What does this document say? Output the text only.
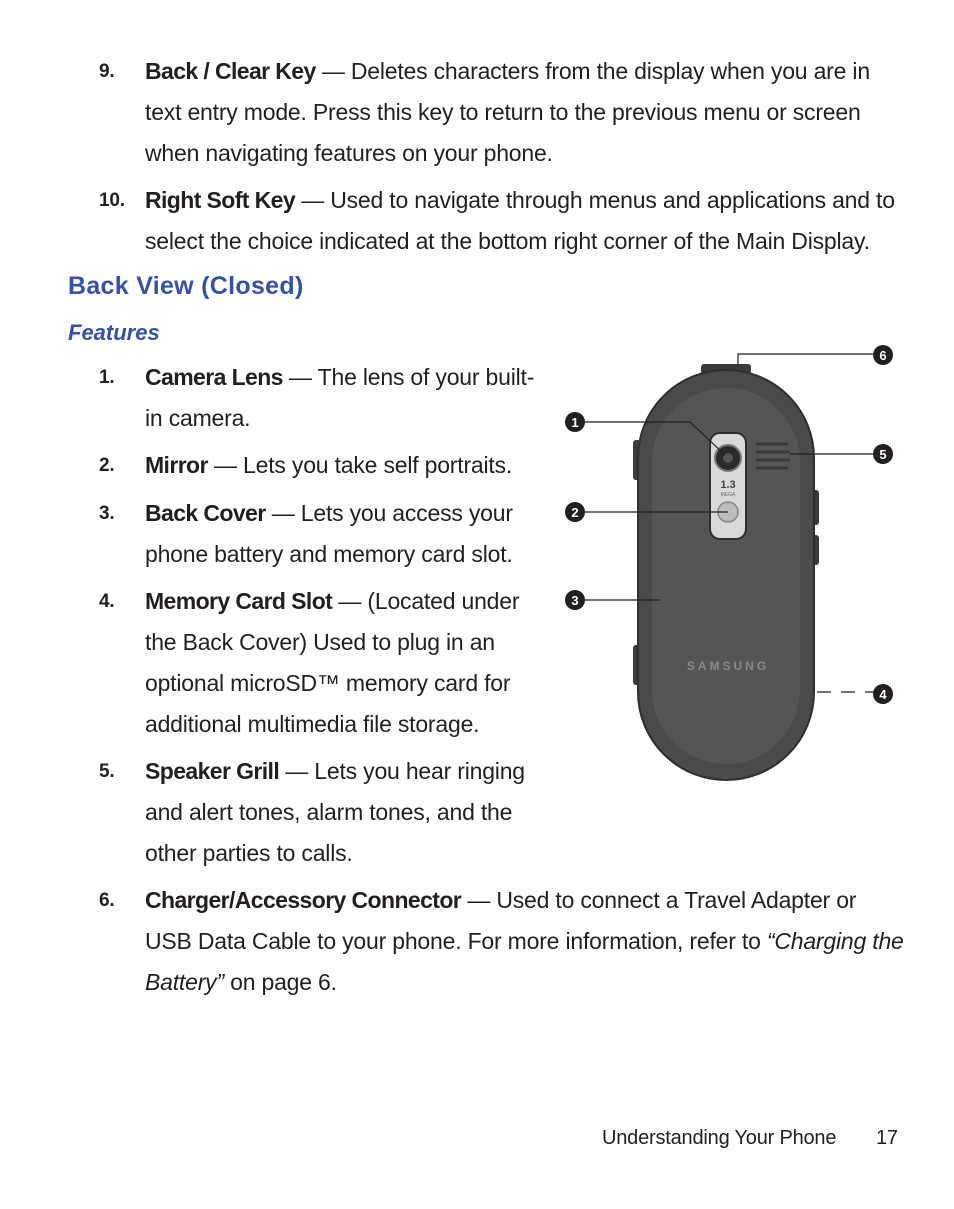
9.	Back / Clear Key — Deletes characters from the display when you are in text entry mode. Press this key to return to the previous menu or screen when navigating features on your phone.
10. Right Soft Key — Used to navigate through menus and applications and to select the choice indicated at the bottom right corner of the Main Display.
Back View (Closed)
Features
1.	Camera Lens — The lens of your built-in camera.
2.	Mirror — Lets you take self portraits.
3.	Back Cover — Lets you access your phone battery and memory card slot.
4.	Memory Card Slot — (Located under the Back Cover) Used to plug in an optional microSD™ memory card for additional multimedia file storage.
5.	Speaker Grill — Lets you hear ringing and alert tones, alarm tones, and the other parties to calls.
6.	Charger/Accessory Connector — Used to connect a Travel Adapter or USB Data Cable to your phone. For more information, refer to “Charging the Battery” on page 6.
1.3
MEGA
SAMSUNG
1
2
3
4
5
6
Understanding Your Phone 17
